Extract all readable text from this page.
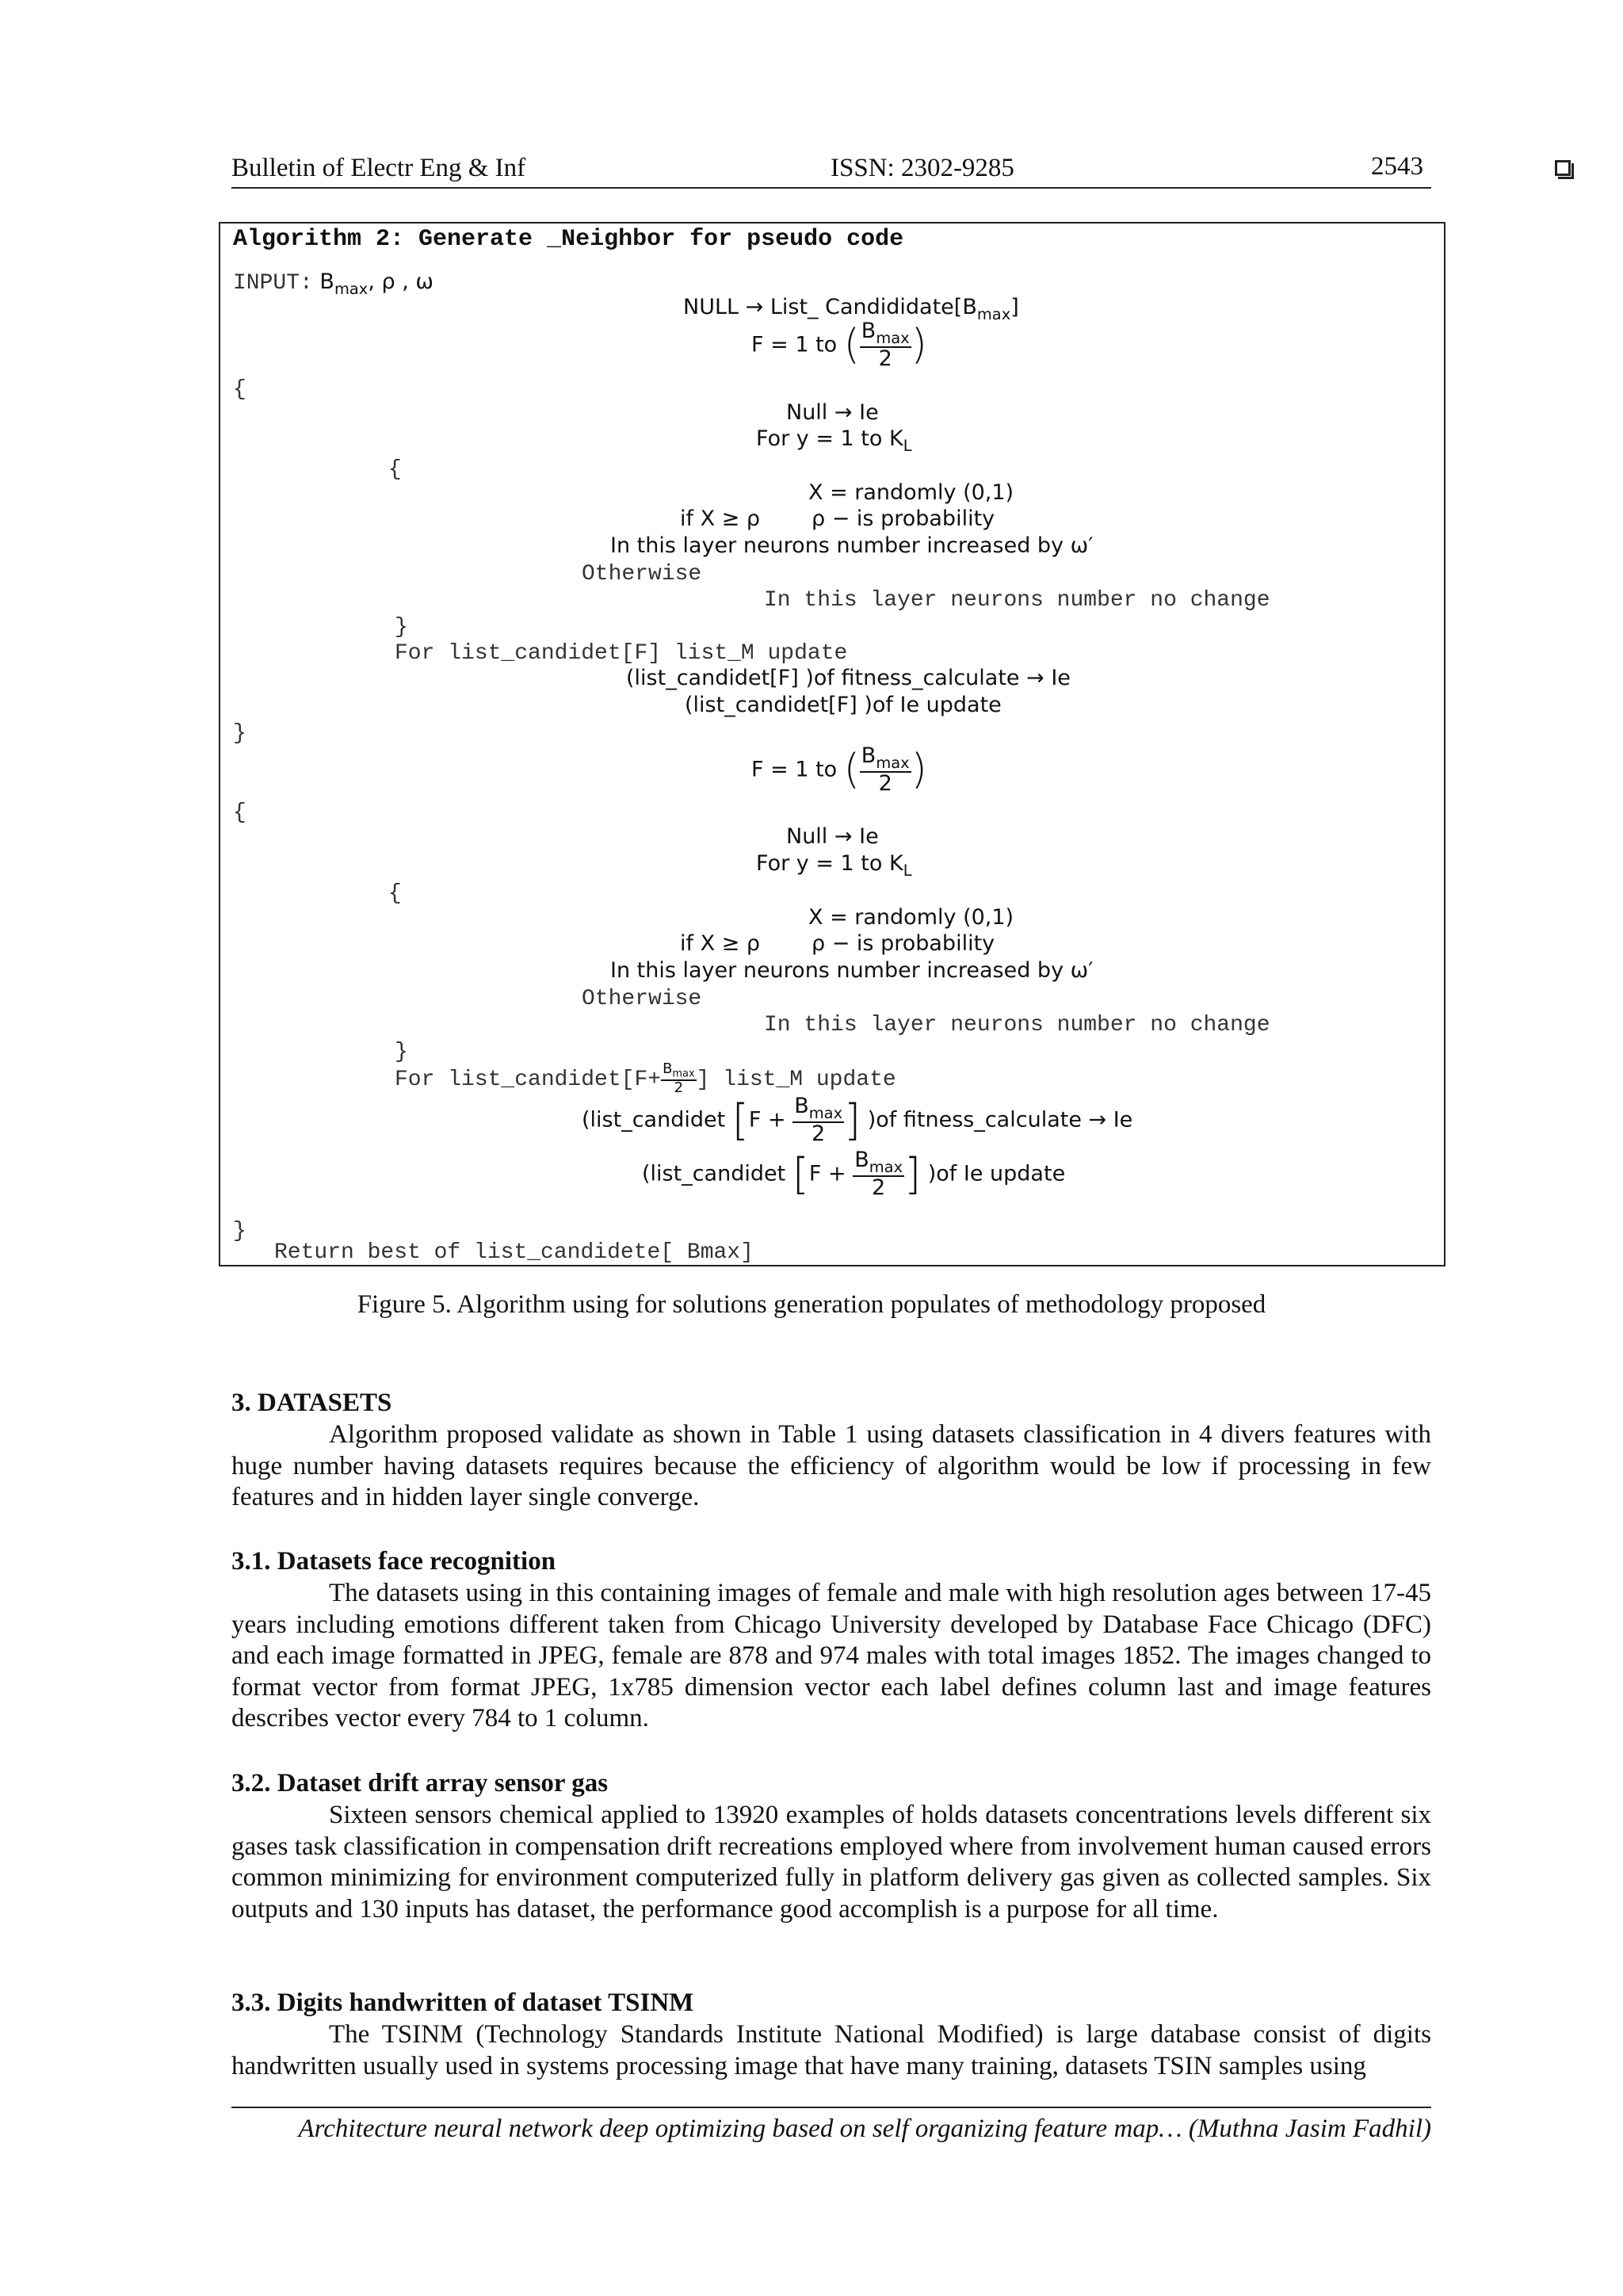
Bulletin of Electr Eng & Inf	ISSN: 2302-9285	2543
Algorithm 2: Generate _Neighbor for pseudo code
INPUT: $B_{max}$, ρ , ω
NULL → List_ $Candididate[B_{max}]$
F = 1 to ( $\frac{B_{max}}{2}$ )
{
Null → Ie
For y = 1 to $K_L$
{
X = randomly (0,1)
if X ≥ ρ ρ − is probability
In this layer neurons number increased by ω′
Otherwise
In this layer neurons number no change
}
For list_candidet[F] list_M update
(list_candidet[F] )of fitness_calculate → Ie
(list_candidet[F] )of Ie update
}
F = 1 to ( $\frac{B_{max}}{2}$ )
{
Null → Ie
For y = 1 to $K_L$
{
X = randomly (0,1)
if X ≥ ρ ρ − is probability
In this layer neurons number increased by ω′
Otherwise
In this layer neurons number no change
}
For list_candidet[F+ $\frac{B_{max}}{2}$ ] list_M update
(list_candidet [$F + \frac{B_{max}}{2}$ ] )of fitness_calculate → Ie
(list_candidet [$F + \frac{B_{max}}{2}$ ] )of Ie update
}
Return best of list_candidete[ Bmax]
Figure 5. Algorithm using for solutions generation populates of methodology proposed
3. DATASETS
Algorithm proposed validate as shown in Table 1 using datasets classification in 4 divers features with huge number having datasets requires because the efficiency of algorithm would be low if processing in few features and in hidden layer single converge.
3.1. Datasets face recognition
The datasets using in this containing images of female and male with high resolution ages between 17-45 years including emotions different taken from Chicago University developed by Database Face Chicago (DFC) and each image formatted in JPEG, female are 878 and 974 males with total images 1852. The images changed to format vector from format JPEG, 1x785 dimension vector each label defines column last and image features describes vector every 784 to 1 column.
3.2. Dataset drift array sensor gas
Sixteen sensors chemical applied to 13920 examples of holds datasets concentrations levels different six gases task classification in compensation drift recreations employed where from involvement human caused errors common minimizing for environment computerized fully in platform delivery gas given as collected samples. Six outputs and 130 inputs has dataset, the performance good accomplish is a purpose for all time.
3.3. Digits handwritten of dataset TSINM
The TSINM (Technology Standards Institute National Modified) is large database consist of digits handwritten usually used in systems processing image that have many training, datasets TSIN samples using
Architecture neural network deep optimizing based on self organizing feature map… (Muthna Jasim Fadhil)
